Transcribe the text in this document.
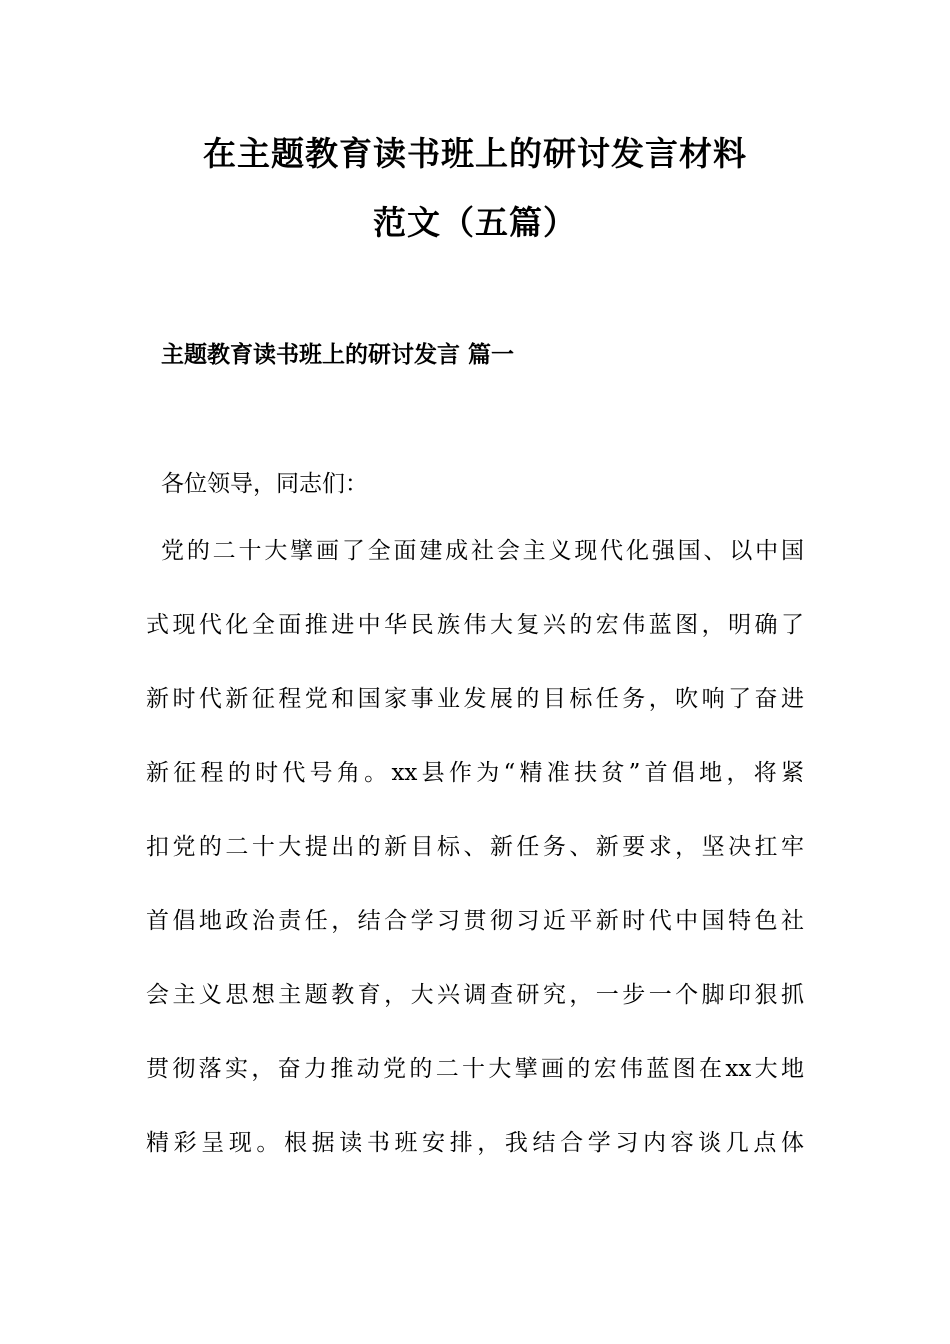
在主题教育读书班上的研讨发言材料
范文（五篇）
主题教育读书班上的研讨发言 篇一
各位领导，同志们：
党的二十大擘画了全面建成社会主义现代化强国、以中国
式现代化全面推进中华民族伟大复兴的宏伟蓝图，明确了
新时代新征程党和国家事业发展的目标任务，吹响了奋进
新征程的时代号角。xx县作为“精准扶贫”首倡地，将紧
扣党的二十大提出的新目标、新任务、新要求，坚决扛牢
首倡地政治责任，结合学习贯彻习近平新时代中国特色社
会主义思想主题教育，大兴调查研究，一步一个脚印狠抓
贯彻落实，奋力推动党的二十大擘画的宏伟蓝图在xx大地
精彩呈现。根据读书班安排，我结合学习内容谈几点体
